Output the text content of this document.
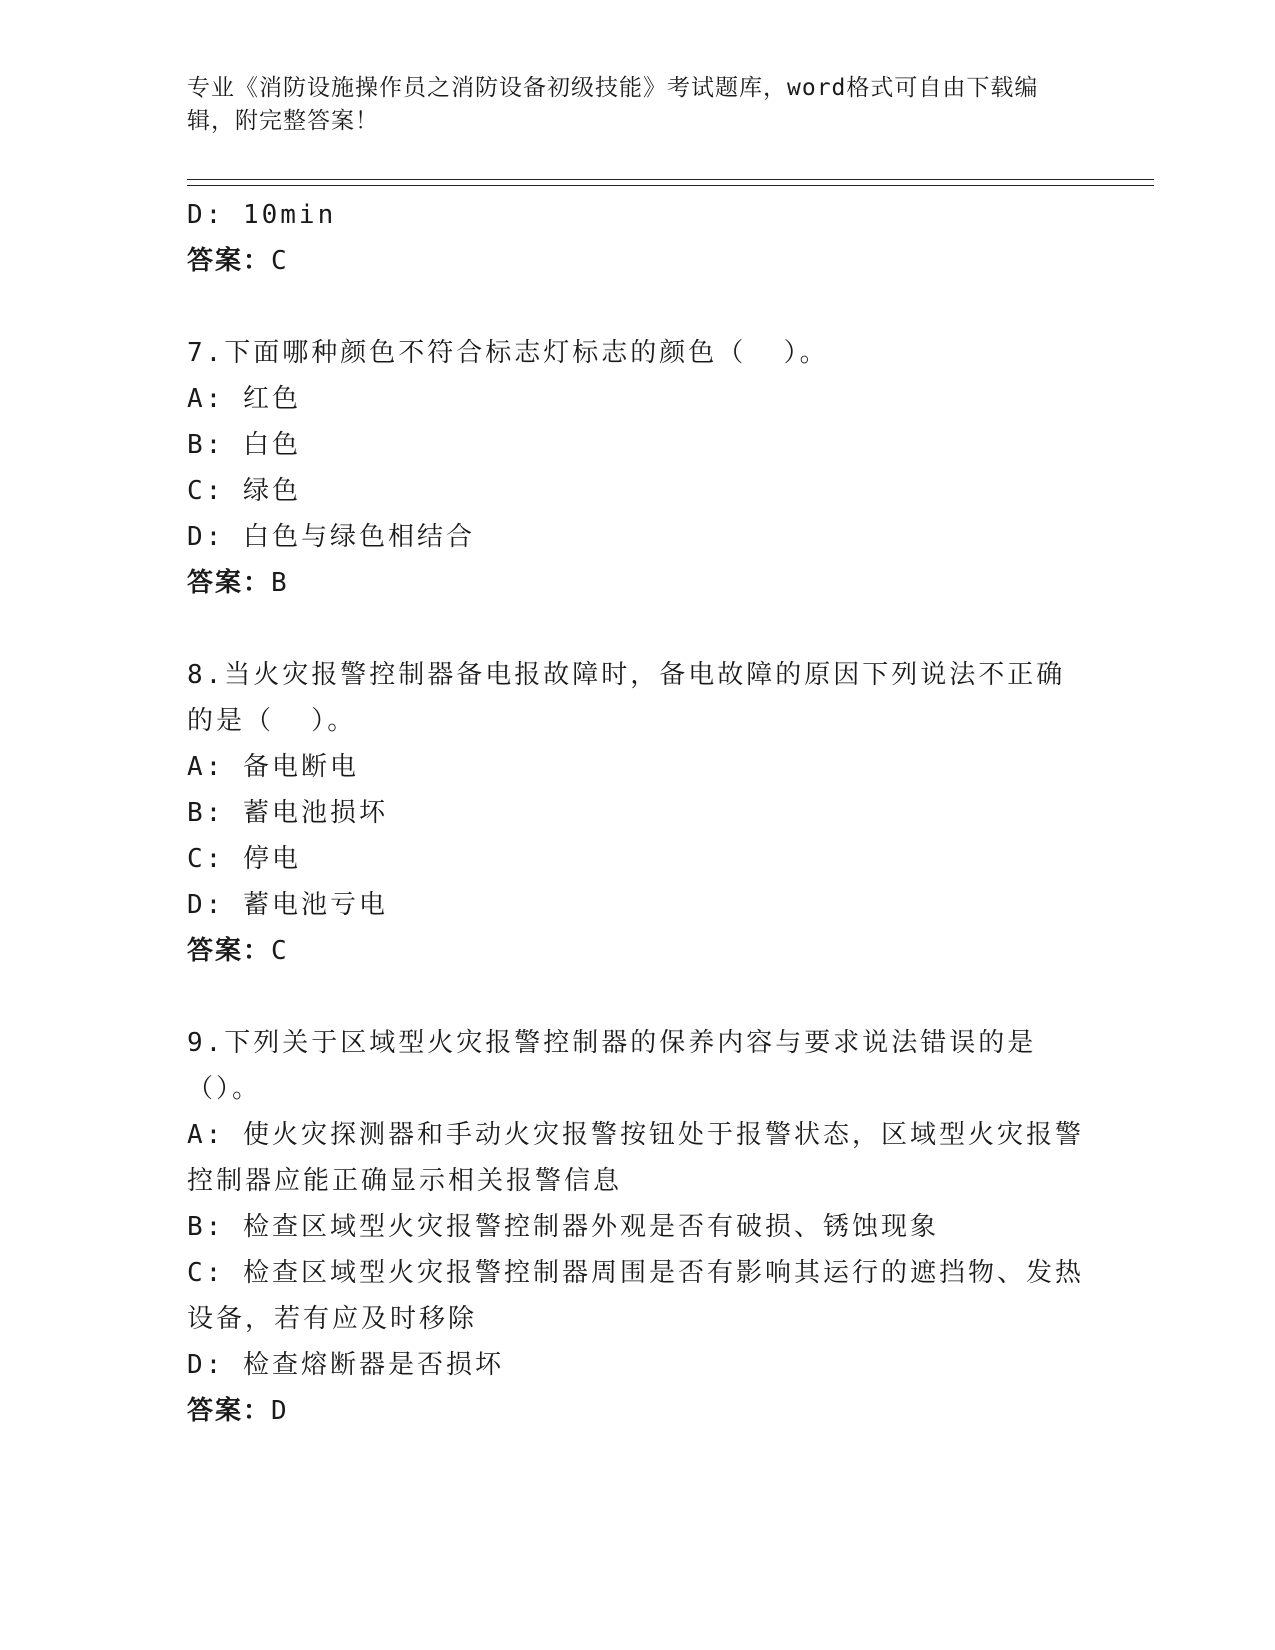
专业《消防设施操作员之消防设备初级技能》考试题库，word格式可自由下载编辑，附完整答案！
D: 10min
答案：C
7.下面哪种颜色不符合标志灯标志的颜色（  ）。
A: 红色
B: 白色
C: 绿色
D: 白色与绿色相结合
答案：B
8.当火灾报警控制器备电报故障时，备电故障的原因下列说法不正确的是（  ）。
A: 备电断电
B: 蓄电池损坏
C: 停电
D: 蓄电池亏电
答案：C
9.下列关于区域型火灾报警控制器的保养内容与要求说法错误的是（）。
A: 使火灾探测器和手动火灾报警按钮处于报警状态，区域型火灾报警控制器应能正确显示相关报警信息
B: 检查区域型火灾报警控制器外观是否有破损、锈蚀现象
C: 检查区域型火灾报警控制器周围是否有影响其运行的遮挡物、发热设备，若有应及时移除
D: 检查熔断器是否损坏
答案：D
